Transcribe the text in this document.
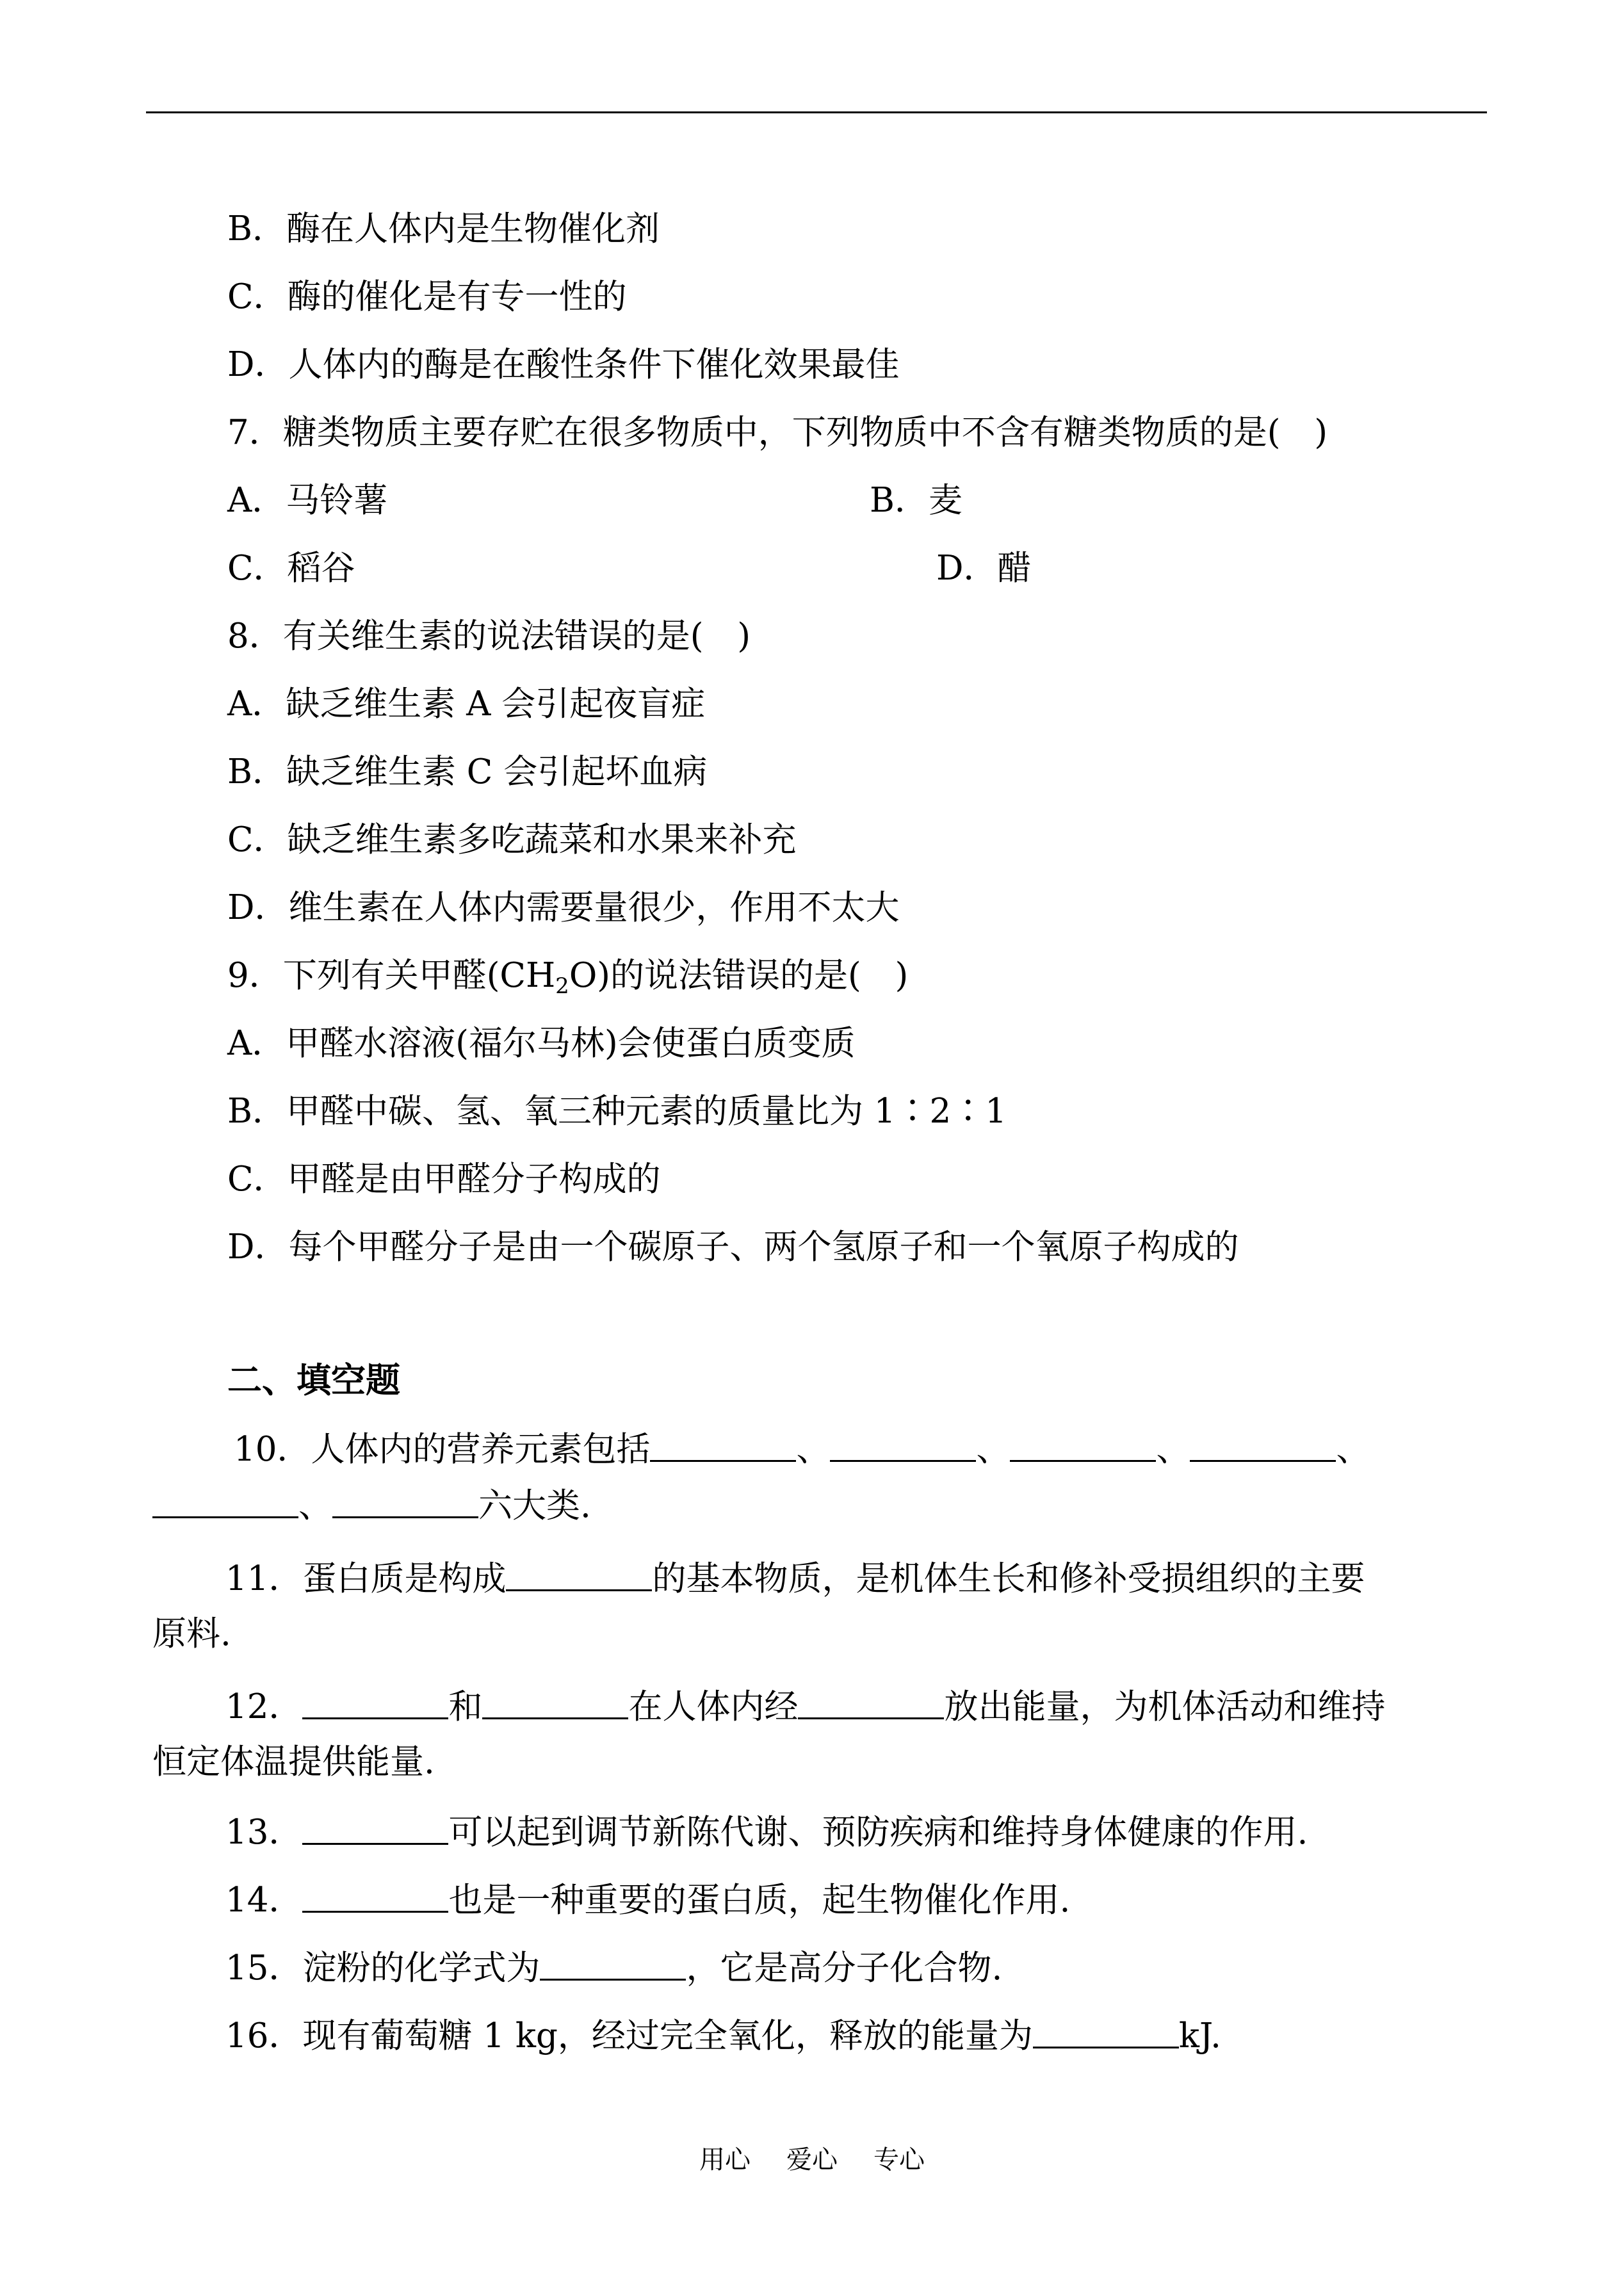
B．酶在人体内是生物催化剂
C．酶的催化是有专一性的
D．人体内的酶是在酸性条件下催化效果最佳
7．糖类物质主要存贮在很多物质中，下列物质中不含有糖类物质的是(　)
A．马铃薯	B．麦
C．稻谷	D．醋
8．有关维生素的说法错误的是(　)
A．缺乏维生素 A 会引起夜盲症
B．缺乏维生素 C 会引起坏血病
C．缺乏维生素多吃蔬菜和水果来补充
D．维生素在人体内需要量很少，作用不太大
9．下列有关甲醛$(CH_2O)$的说法错误的是(　)
A．甲醛水溶液(福尔马林)会使蛋白质变质
B．甲醛中碳、氢、氧三种元素的质量比为 1∶2∶1
C．甲醛是由甲醛分子构成的
D．每个甲醛分子是由一个碳原子、两个氢原子和一个氧原子构成的
二、填空题
10．人体内的营养元素包括	、	、	、	、
、	六大类.
11．蛋白质是构成	的基本物质，是机体生长和修补受损组织的主要
原料.
12．	和	在人体内经	放出能量，为机体活动和维持
恒定体温提供能量.
13．	可以起到调节新陈代谢、预防疾病和维持身体健康的作用.
14．	也是一种重要的蛋白质，起生物催化作用.
15．淀粉的化学式为	，它是高分子化合物.
16．现有葡萄糖 1 kg，经过完全氧化，释放的能量为	kJ.
用心 爱心 专心
